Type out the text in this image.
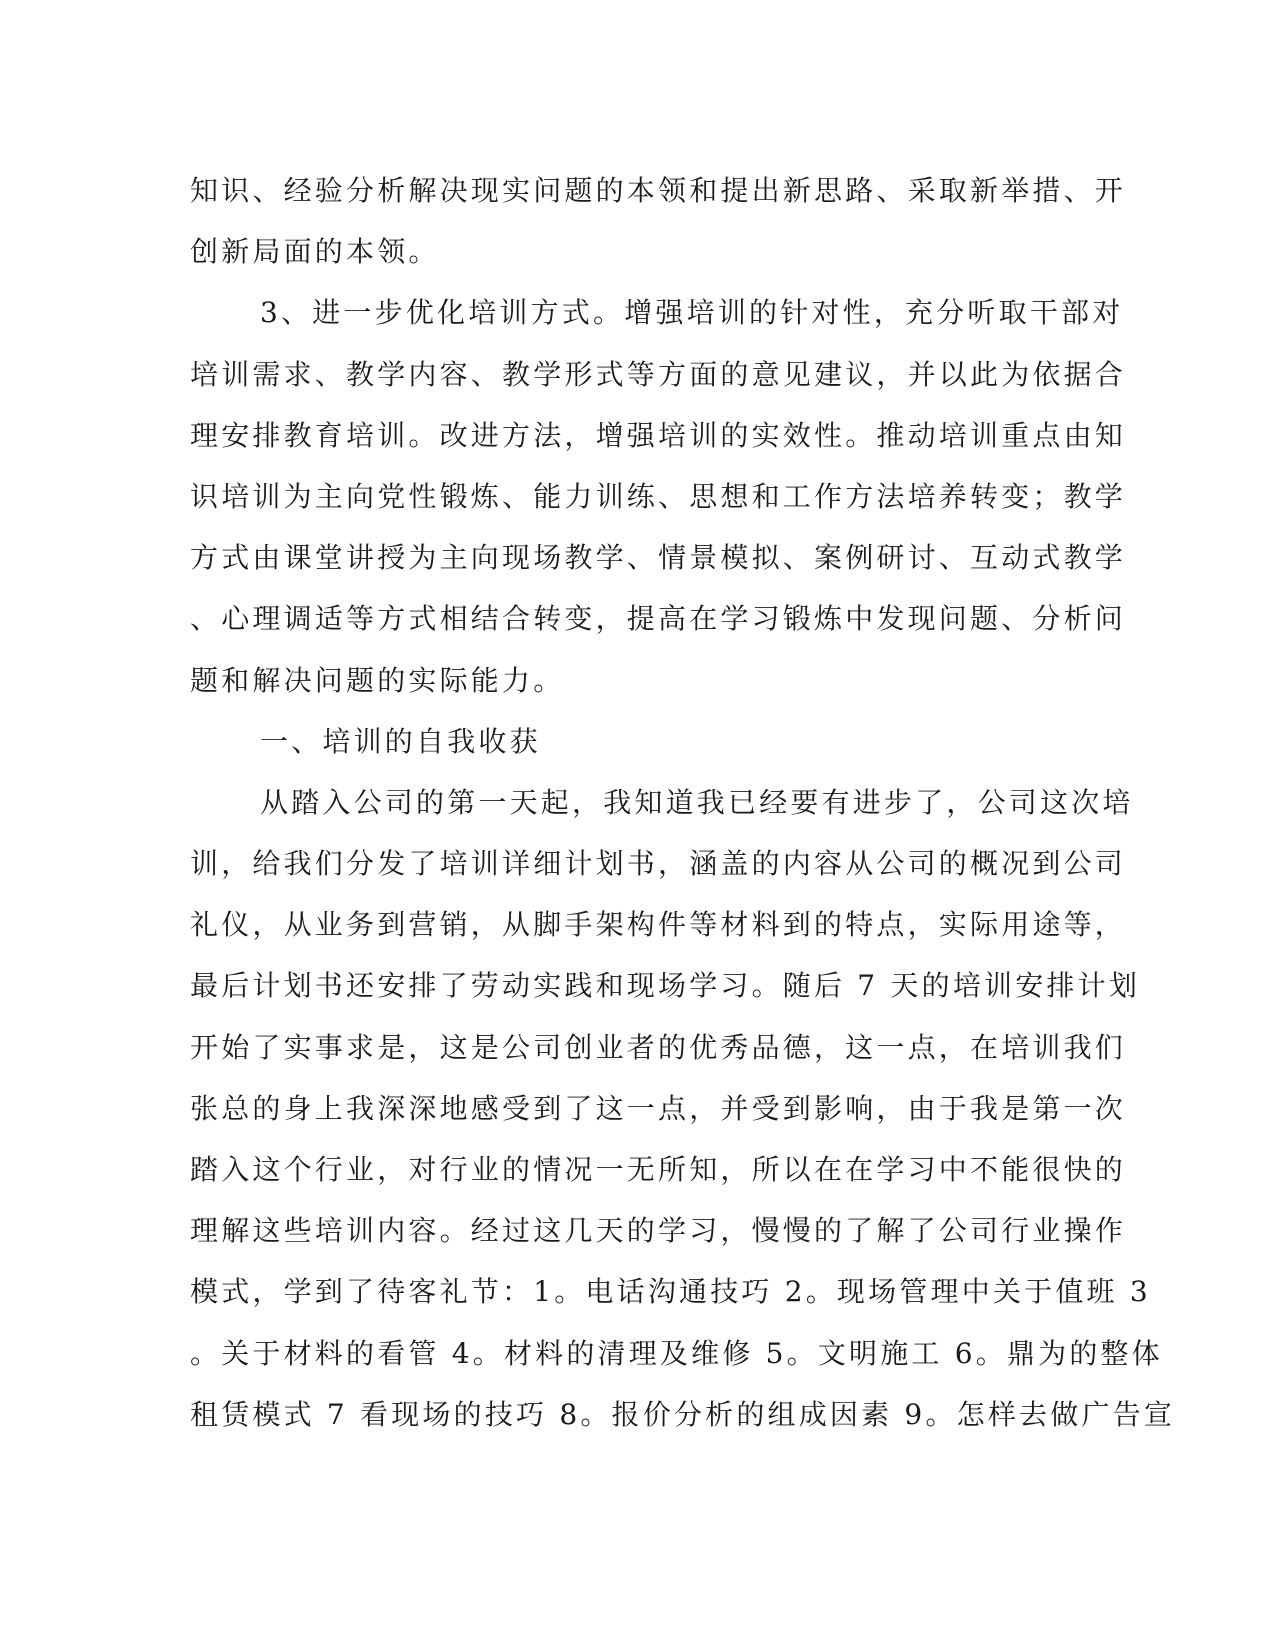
知识、经验分析解决现实问题的本领和提出新思路、采取新举措、开
创新局面的本领。
3、进一步优化培训方式。增强培训的针对性，充分听取干部对
培训需求、教学内容、教学形式等方面的意见建议，并以此为依据合
理安排教育培训。改进方法，增强培训的实效性。推动培训重点由知
识培训为主向党性锻炼、能力训练、思想和工作方法培养转变；教学
方式由课堂讲授为主向现场教学、情景模拟、案例研讨、互动式教学
、心理调适等方式相结合转变，提高在学习锻炼中发现问题、分析问
题和解决问题的实际能力。
一、培训的自我收获
从踏入公司的第一天起，我知道我已经要有进步了，公司这次培
训，给我们分发了培训详细计划书，涵盖的内容从公司的概况到公司
礼仪，从业务到营销，从脚手架构件等材料到的特点，实际用途等，
最后计划书还安排了劳动实践和现场学习。随后 7 天的培训安排计划
开始了实事求是，这是公司创业者的优秀品德，这一点，在培训我们
张总的身上我深深地感受到了这一点，并受到影响，由于我是第一次
踏入这个行业，对行业的情况一无所知，所以在在学习中不能很快的
理解这些培训内容。经过这几天的学习，慢慢的了解了公司行业操作
模式，学到了待客礼节：1。电话沟通技巧 2。现场管理中关于值班 3
。关于材料的看管 4。材料的清理及维修 5。文明施工 6。鼎为的整体
租赁模式 7 看现场的技巧 8。报价分析的组成因素 9。怎样去做广告宣
